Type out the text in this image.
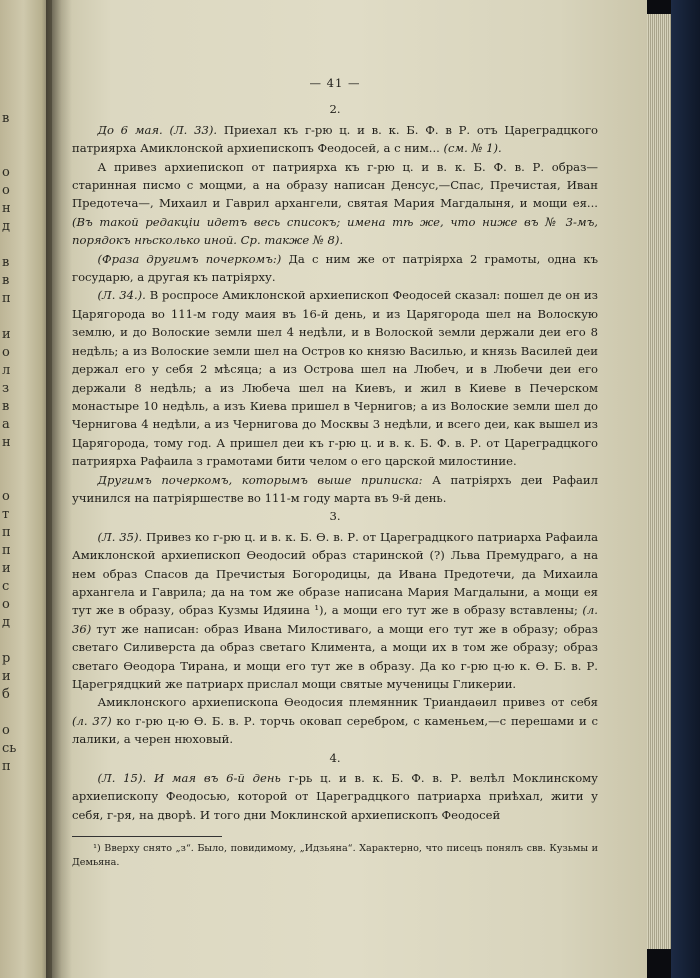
в

о
о
н
д

в
в
п

и
о
л
з
в
а
н

о
т
п
п
и
с
о
д

р
и
б

о
сь
п
— 41 —
2.

До 6 мая. (Л. 33). Приехал къ г-рю ц. и в. к. Б. Ф. в Р. отъ Цареградцкого патриярха Амиклонской архиепископъ Феодосей, а с ним... (см. № 1).

А привез архиепископ от патриярха къ г-рю ц. и в. к. Б. Ф. в. Р. образ—старинная писмо с мощми, а на образу написан Денсус,—Спас, Пречистая, Иван Предотеча—, Михаил и Гаврил архангели, святая Мария Магдалыня, и мощи ея... (Въ такой редакціи идетъ весь списокъ; имена тѣ же, что ниже въ № 3-мъ, порядокъ нѣсколько иной. Ср. также № 8).

(Фраза другимъ почеркомъ:) Да с ним же от патріярха 2 грамоты, одна къ государю, а другая къ патріярху.

(Л. 34.). В роспросе Амиклонской архиепископ Феодосей сказал: пошел де он из Царягорода во 111-м году маия въ 16-й день, и из Царягорода шел на Волоскую землю, и до Волоские земли шел 4 недѣли, и в Волоской земли держали деи его 8 недѣль; а из Волоские земли шел на Остров ко князю Василью, и князь Василей деи держал его у себя 2 мѣсяца; а из Острова шел на Любеч, и в Любечи деи его держали 8 недѣль; а из Любеча шел на Киевъ, и жил в Киеве в Печерском монастыре 10 недѣль, а изъ Киева пришел в Чернигов; а из Волоские земли шел до Чернигова 4 недѣли, а из Чернигова до Москвы 3 недѣли, и всего деи, как вышел из Царягорода, тому год. А пришел деи къ г-рю ц. и в. к. Б. Ф. в. Р. от Цареградцкого патриярха Рафаила з грамотами бити челом о его царской милостиние.

Другимъ почеркомъ, которымъ выше приписка: А патріярхъ деи Рафаил учинился на патріяршестве во 111-м году марта въ 9-й день.

3.

(Л. 35). Привез ко г-рю ц. и в. к. Б. Ѳ. в. Р. от Цареградцкого патриарха Рафаила Амиклонской архиепископ Ѳеодосий образ старинской (?) Льва Премудраго, а на нем образ Спасов да Пречистыя Богородицы, да Ивана Предотечи, да Михаила архангела и Гаврила; да на том же образе написана Мария Магдалыни, а мощи ея тут же в образу, образ Кузмы Идяина ¹), а мощи его тут же в образу вставлены; (л. 36) тут же написан: образ Ивана Милостиваго, а мощи его тут же в образу; образ светаго Силиверста да образ светаго Климента, а мощи их в том же образу; образ светаго Ѳеодора Тирана, и мощи его тут же в образу. Да ко г-рю ц-ю к. Ѳ. Б. в. Р. Царегрядцкий же патриарх прислал мощи святые мученицы Гликерии.

Амиклонского архиепископа Ѳеодосия племянник Триандаѳил привез от себя (л. 37) ко г-рю ц-ю Ѳ. Б. в. Р. торчь оковап серебром, с каменьем,—с перешами и с лалики, а черен нюховый.

4.

(Л. 15). И мая въ 6-й день г-рь ц. и в. к. Б. Ф. в. Р. велѣл Моклинскому архиепископу Феодосью, которой от Цареградцкого патриарха приѣхал, жити у себя, г-ря, на дворѣ. И того дни Моклинской архиепископъ Феодосей

¹) Вверху снято „з“. Было, повидимому, „Идзьяна“. Характерно, что писецъ понялъ свв. Кузьмы и Демьяна.
